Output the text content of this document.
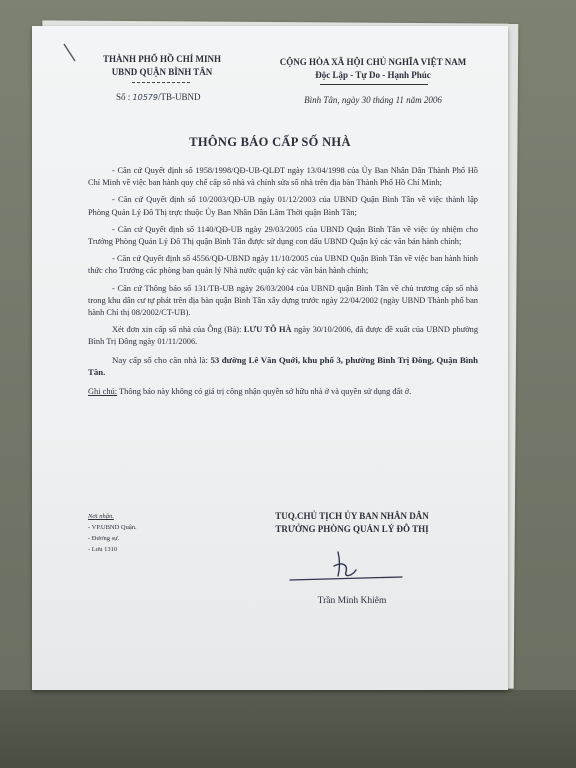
THÀNH PHỐ HỒ CHÍ MINH
UBND QUẬN BÌNH TÂN
Số : 10579/TB-UBND
CỘNG HÒA XÃ HỘI CHỦ NGHĨA VIỆT NAM
Độc Lập - Tự Do - Hạnh Phúc
Bình Tân, ngày 30 tháng 11 năm 2006
THÔNG BÁO CẤP SỐ NHÀ

- Căn cứ Quyết định số 1958/1998/QĐ-UB-QLĐT ngày 13/04/1998 của Ủy Ban Nhân Dân Thành Phố Hồ Chí Minh về việc ban hành quy chế cấp số nhà và chỉnh sửa số nhà trên địa bàn Thành Phố Hồ Chí Minh;

- Căn cứ Quyết định số 10/2003/QĐ-UB ngày 01/12/2003 của UBND Quận Bình Tân về việc thành lập Phòng Quản Lý Đô Thị trực thuộc Ủy Ban Nhân Dân Lâm Thời quận Bình Tân;

- Căn cứ Quyết định số 1140/QĐ-UB ngày 29/03/2005 của UBND Quận Bình Tân về việc ủy nhiệm cho Trưởng Phòng Quản Lý Đô Thị quận Bình Tân được sử dụng con dấu UBND Quận ký các văn bản hành chính;

- Căn cứ Quyết định số 4556/QĐ-UBND ngày 11/10/2005 của UBND Quận Bình Tân về việc ban hành hình thức cho Trưởng các phòng ban quản lý Nhà nước quận ký các văn bản hành chính;

- Căn cứ Thông báo số 131/TB-UB ngày 26/03/2004 của UBND quận Bình Tân về chủ trương cấp số nhà trong khu dân cư tự phát trên địa bàn quận Bình Tân xây dựng trước ngày 22/04/2002 (ngày UBND Thành phố ban hành Chỉ thị 08/2002/CT-UB).

Xét đơn xin cấp số nhà của Ông (Bà): LƯU TÔ HÀ ngày 30/10/2006, đã được đề xuất của UBND phường Bình Trị Đông ngày 01/11/2006.

Nay cấp số cho căn nhà là: 53 đường Lê Văn Quới, khu phố 3, phường Bình Trị Đông, Quận Bình Tân.

Ghi chú: Thông báo này không có giá trị công nhận quyền sở hữu nhà ở và quyền sử dụng đất ở.

Nơi nhận.
- VP.UBND Quận.
- Đương sự.
- Lưu 1310
TUQ.CHỦ TỊCH ỦY BAN NHÂN DÂN
TRƯỞNG PHÒNG QUẢN LÝ ĐÔ THỊ
Trần Minh Khiêm
